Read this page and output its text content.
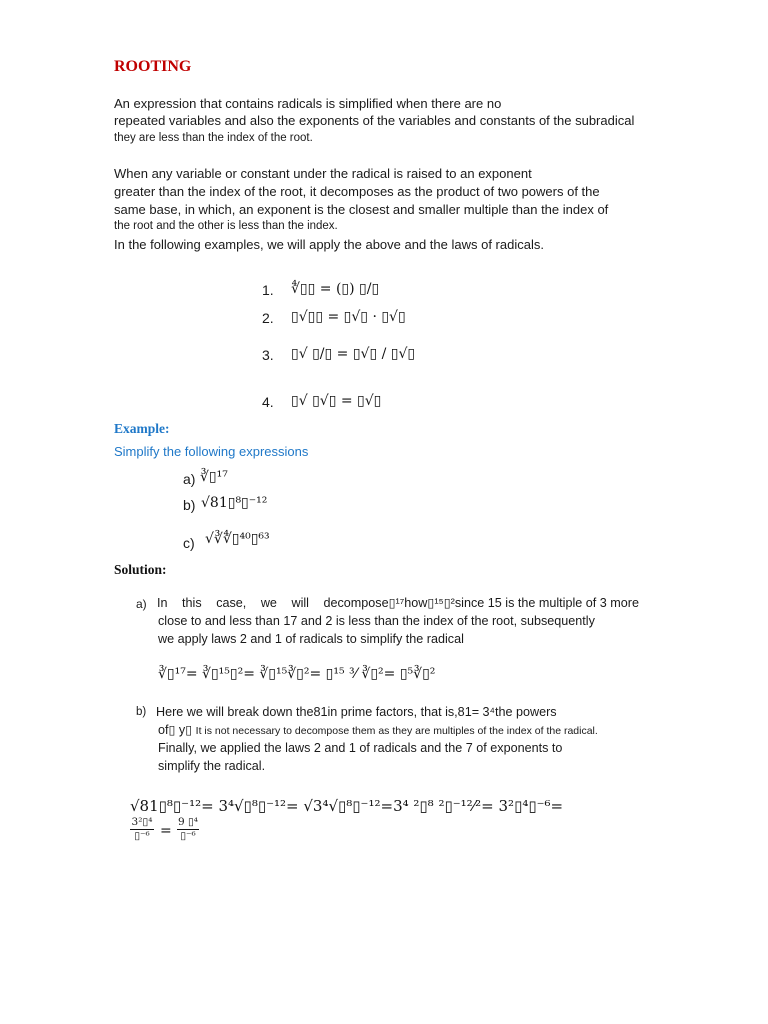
ROOTING
An expression that contains radicals is simplified when there are no
repeated variables and also the exponents of the variables and constants of the subradical
they are less than the index of the root.
When any variable or constant under the radical is raised to an exponent
greater than the index of the root, it decomposes as the product of two powers of the
same base, in which, an exponent is the closest and smaller multiple than the index of
the root and the other is less than the index.
In the following examples, we will apply the above and the laws of radicals.
1. ∜▯▯ = (▯) ▯/▯
2. ▯√▯▯ = ▯√▯ · ▯√▯
3. ▯√ ▯/▯ = ▯√▯ / ▯√▯
4. ▯√ ▯√▯ = ▯√▯
Example:
Simplify the following expressions
a) ∛▯¹⁷
b) √81▯⁸▯⁻¹²
c) √∛∜▯⁴⁰▯⁶³
Solution:
a) In this case, we will decompose▯¹⁷how▯¹⁵▯²since 15 is the multiple of 3 more
close to and less than 17 and 2 is less than the index of the root, subsequently
we apply laws 2 and 1 of radicals to simplify the radical
∛▯¹⁷= ∛▯¹⁵▯²= ∛▯¹⁵∛▯²= ▯¹⁵ ³⁄ ∛▯²= ▯⁵∛▯²
b) Here we will break down the81in prime factors, that is,81= 3⁴the powers
of▯ y▯ It is not necessary to decompose them as they are multiples of the index of the radical.
Finally, we applied the laws 2 and 1 of radicals and the 7 of exponents to
simplify the radical.
√81▯⁸▯⁻¹²= 3⁴√▯⁸▯⁻¹²= √3⁴√▯⁸▯⁻¹²=3⁴ ²▯⁸ ²▯⁻¹²⁄²= 3²▯⁴▯⁻⁶=
3²▯⁴
▯⁻⁶ =
9 ▯⁴
▯⁻⁶
